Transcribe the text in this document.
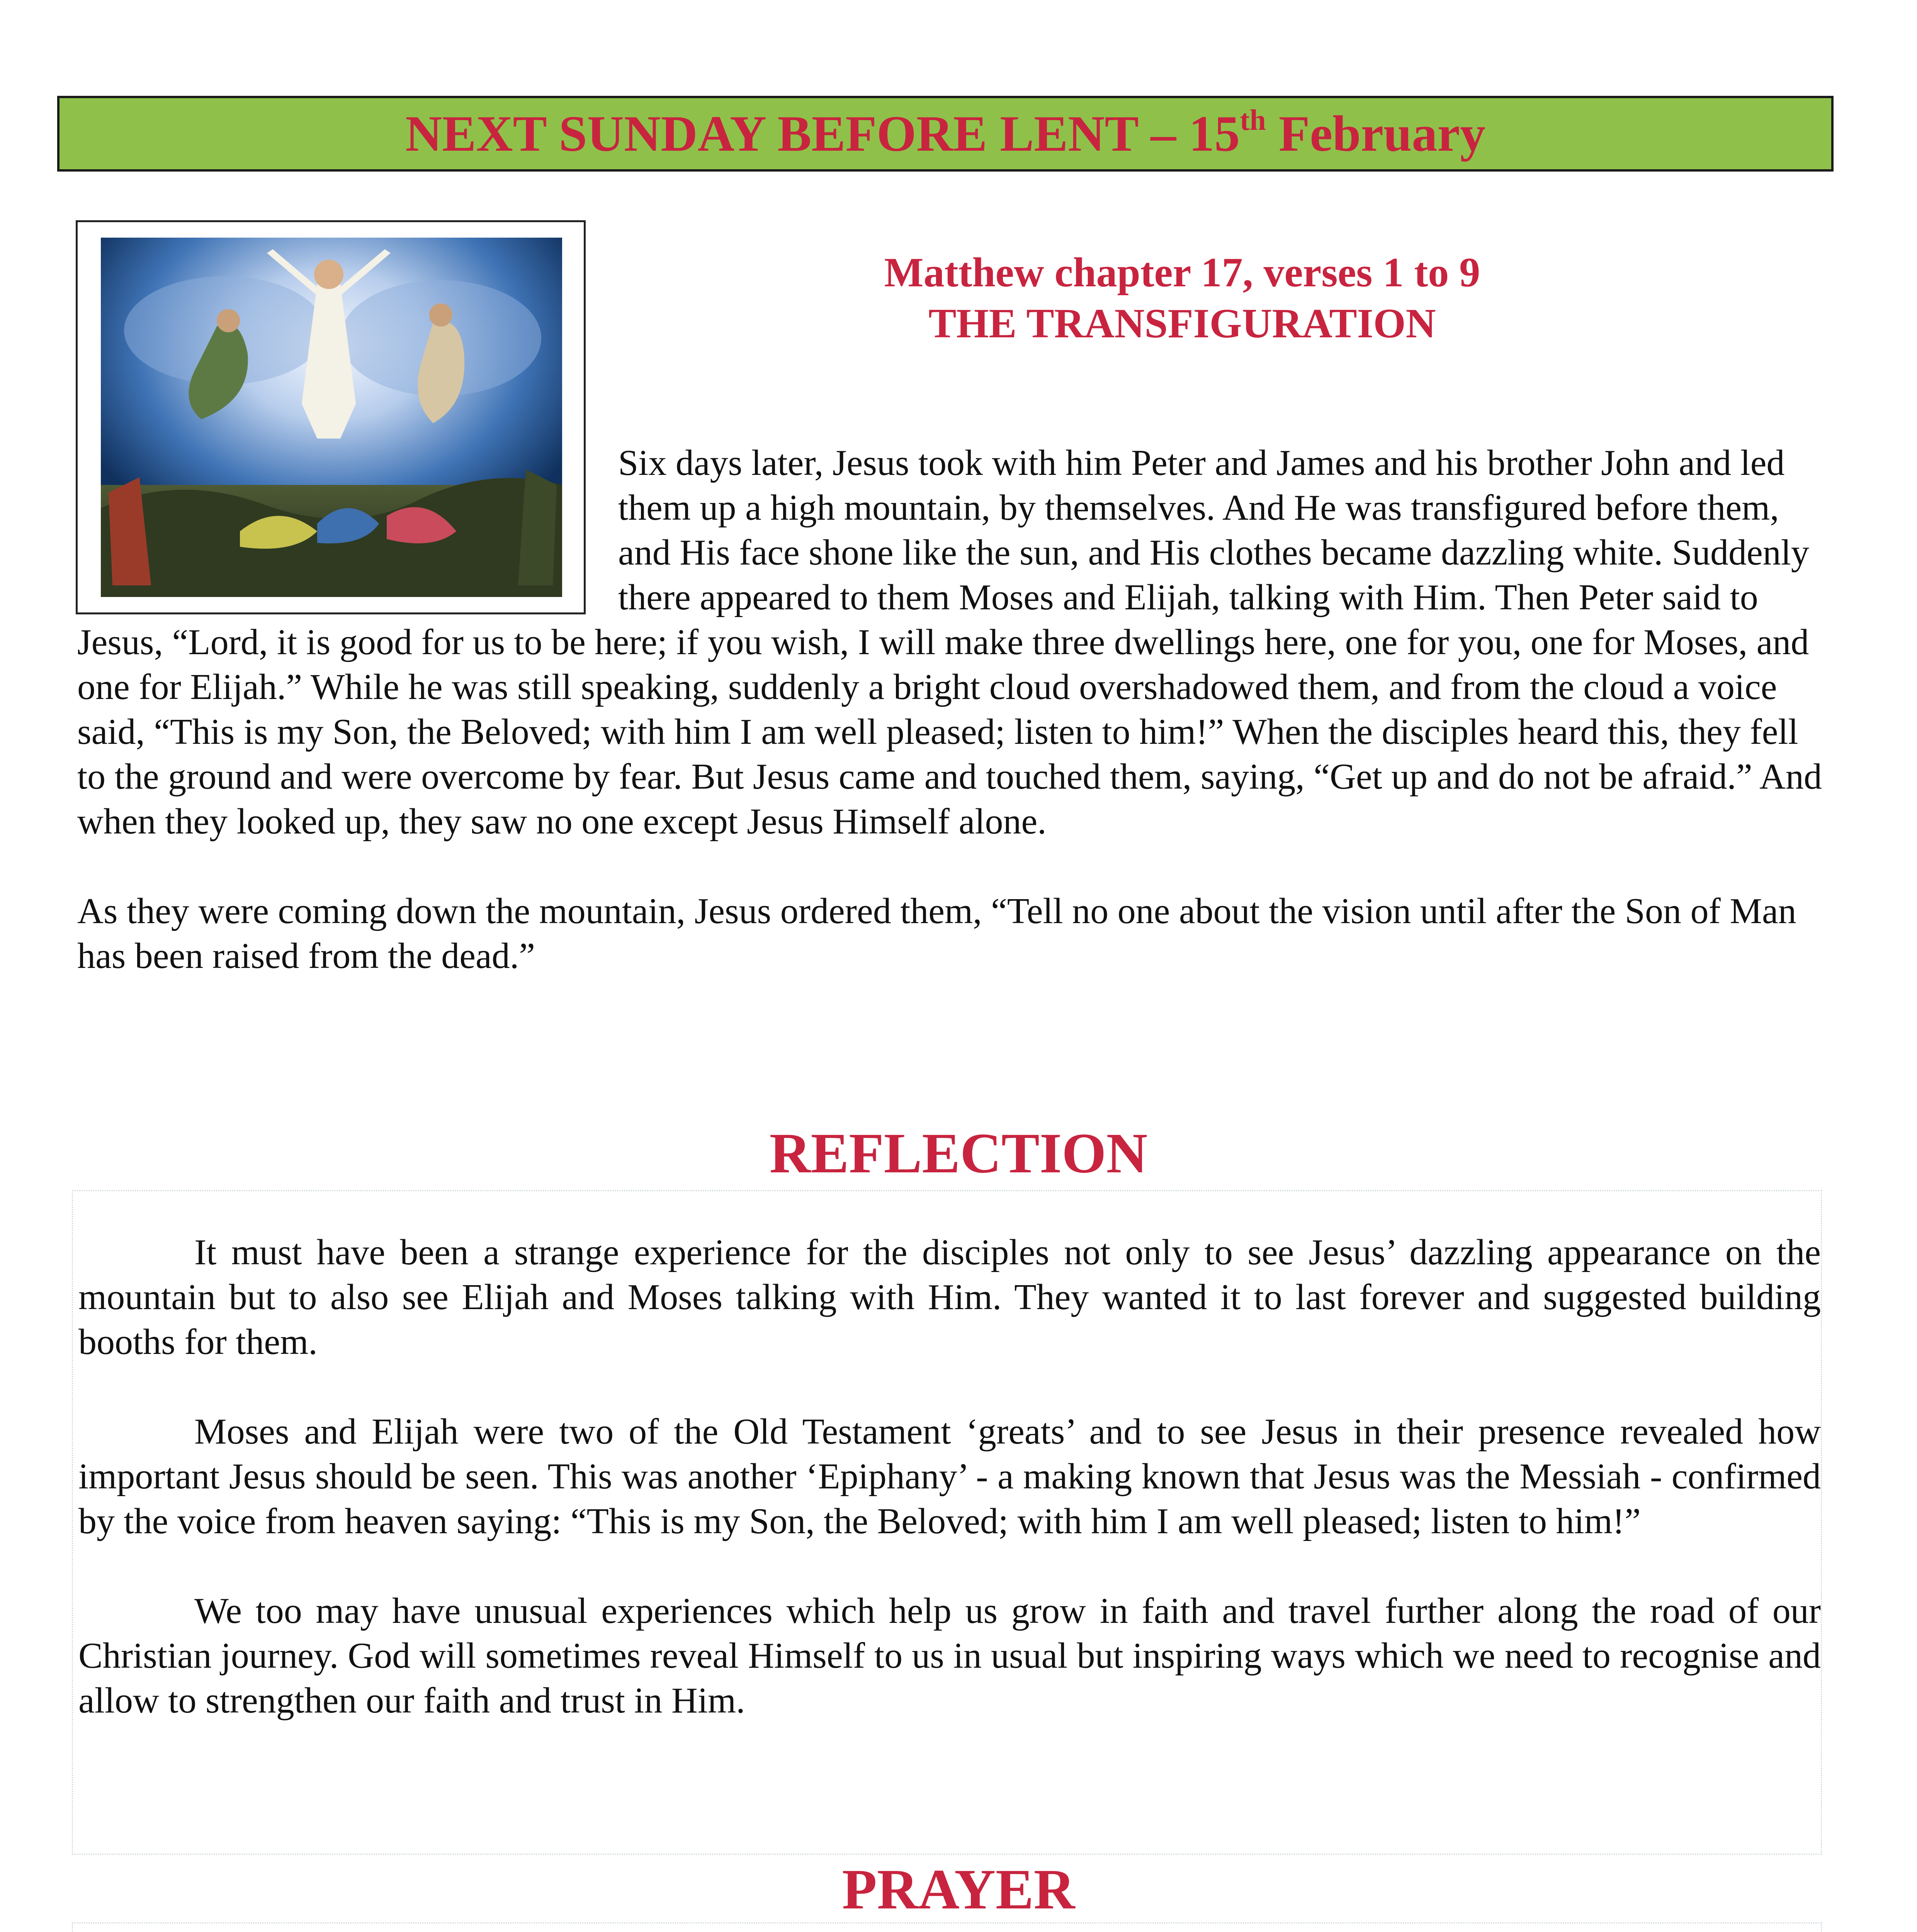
NEXT SUNDAY BEFORE LENT – 15th February
Matthew chapter 17, verses 1 to 9
THE TRANSFIGURATION

Six days later, Jesus took with him Peter and James and his brother John and led them up a high mountain, by themselves. And He was transfigured before them, and His face shone like the sun, and His clothes became dazzling white. Suddenly there appeared to them Moses and Elijah, talking with Him. Then Peter said to Jesus, “Lord, it is good for us to be here; if you wish, I will make three dwellings here, one for you, one for Moses, and one for Elijah.” While he was still speaking, suddenly a bright cloud overshadowed them, and from the cloud a voice said, “This is my Son, the Beloved; with him I am well pleased; listen to him!” When the disciples heard this, they fell to the ground and were overcome by fear. But Jesus came and touched them, saying, “Get up and do not be afraid.” And when they looked up, they saw no one except Jesus Himself alone.

As they were coming down the mountain, Jesus ordered them, “Tell no one about the vision until after the Son of Man has been raised from the dead.”

REFLECTION

It must have been a strange experience for the disciples not only to see Jesus’ dazzling appearance on the mountain but to also see Elijah and Moses talking with Him. They wanted it to last forever and suggested building booths for them.

Moses and Elijah were two of the Old Testament ‘greats’ and to see Jesus in their presence revealed how important Jesus should be seen. This was another ‘Epiphany’ - a making known that Jesus was the Messiah - confirmed by the voice from heaven saying: “This is my Son, the Beloved; with him I am well pleased; listen to him!”

We too may have unusual experiences which help us grow in faith and travel further along the road of our Christian journey. God will sometimes reveal Himself to us in usual but inspiring ways which we need to recognise and allow to strengthen our faith and trust in Him.

PRAYER
